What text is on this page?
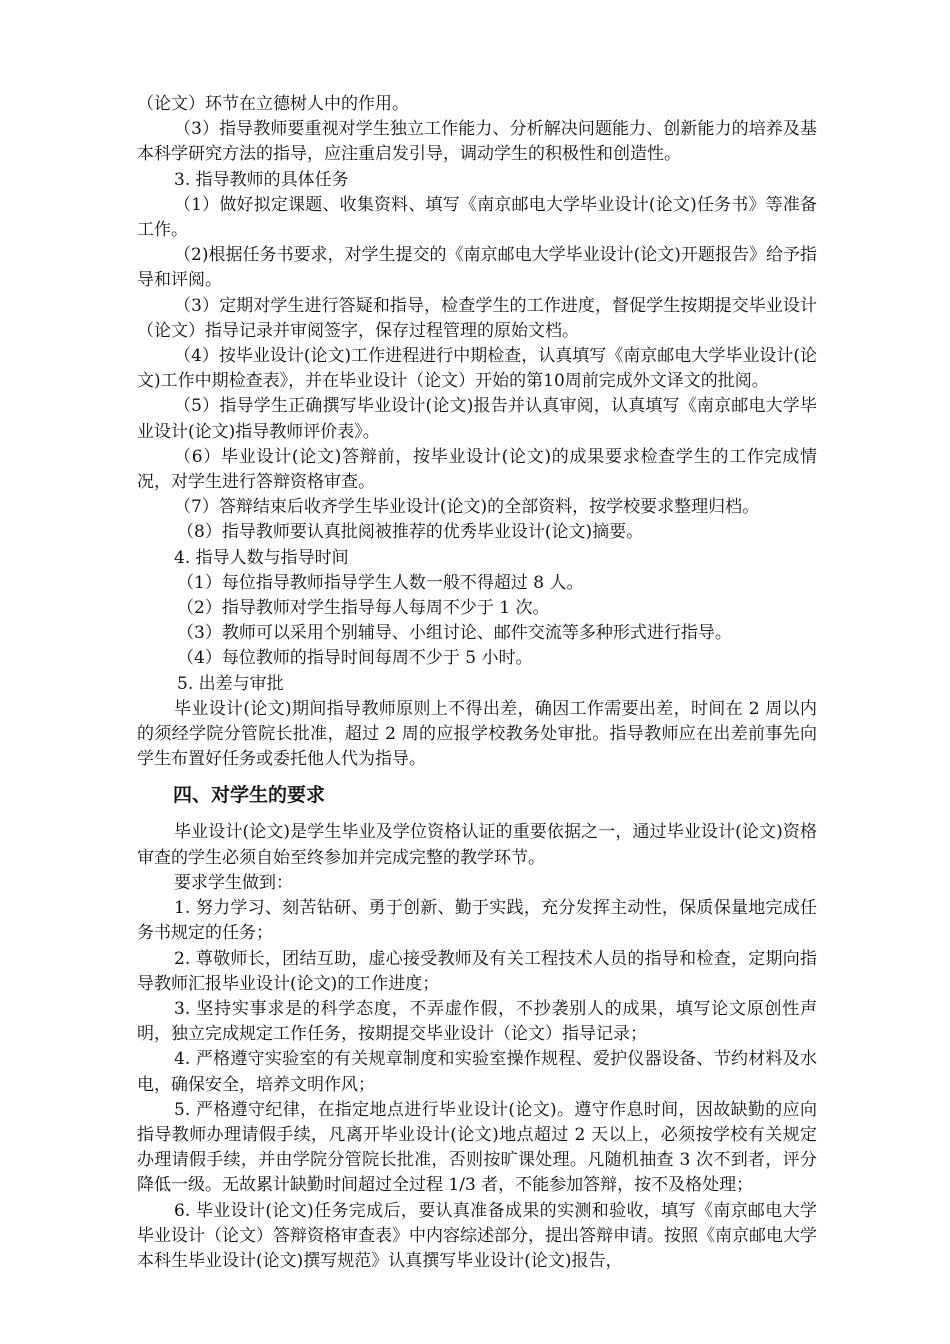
（论文）环节在立德树人中的作用。

（3）指导教师要重视对学生独立工作能力、分析解决问题能力、创新能力的培养及基本科学研究方法的指导，应注重启发引导，调动学生的积极性和创造性。

3. 指导教师的具体任务

（1）做好拟定课题、收集资料、填写《南京邮电大学毕业设计(论文)任务书》等准备工作。

（2)根据任务书要求，对学生提交的《南京邮电大学毕业设计(论文)开题报告》给予指导和评阅。

（3）定期对学生进行答疑和指导，检查学生的工作进度，督促学生按期提交毕业设计（论文）指导记录并审阅签字，保存过程管理的原始文档。

（4）按毕业设计(论文)工作进程进行中期检查，认真填写《南京邮电大学毕业设计(论文)工作中期检查表》，并在毕业设计（论文）开始的第10周前完成外文译文的批阅。

（5）指导学生正确撰写毕业设计(论文)报告并认真审阅，认真填写《南京邮电大学毕业设计(论文)指导教师评价表》。

（6）毕业设计(论文)答辩前，按毕业设计(论文)的成果要求检查学生的工作完成情况，对学生进行答辩资格审查。

（7）答辩结束后收齐学生毕业设计(论文)的全部资料，按学校要求整理归档。

（8）指导教师要认真批阅被推荐的优秀毕业设计(论文)摘要。

4. 指导人数与指导时间

（1）每位指导教师指导学生人数一般不得超过 8 人。

（2）指导教师对学生指导每人每周不少于 1 次。

（3）教师可以采用个别辅导、小组讨论、邮件交流等多种形式进行指导。

（4）每位教师的指导时间每周不少于 5 小时。

5. 出差与审批

毕业设计(论文)期间指导教师原则上不得出差，确因工作需要出差，时间在 2 周以内的须经学院分管院长批准，超过 2 周的应报学校教务处审批。指导教师应在出差前事先向学生布置好任务或委托他人代为指导。

四、对学生的要求

毕业设计(论文)是学生毕业及学位资格认证的重要依据之一，通过毕业设计(论文)资格审查的学生必须自始至终参加并完成完整的教学环节。

要求学生做到：

1. 努力学习、刻苦钻研、勇于创新、勤于实践，充分发挥主动性，保质保量地完成任务书规定的任务；

2. 尊敬师长，团结互助，虚心接受教师及有关工程技术人员的指导和检查，定期向指导教师汇报毕业设计(论文)的工作进度；

3. 坚持实事求是的科学态度，不弄虚作假，不抄袭别人的成果，填写论文原创性声明，独立完成规定工作任务，按期提交毕业设计（论文）指导记录；

4. 严格遵守实验室的有关规章制度和实验室操作规程、爱护仪器设备、节约材料及水电，确保安全，培养文明作风；

5. 严格遵守纪律，在指定地点进行毕业设计(论文)。遵守作息时间，因故缺勤的应向指导教师办理请假手续，凡离开毕业设计(论文)地点超过 2 天以上，必须按学校有关规定办理请假手续，并由学院分管院长批准，否则按旷课处理。凡随机抽查 3 次不到者，评分降低一级。无故累计缺勤时间超过全过程 1/3 者，不能参加答辩，按不及格处理；

6. 毕业设计(论文)任务完成后，要认真准备成果的实测和验收，填写《南京邮电大学毕业设计（论文）答辩资格审查表》中内容综述部分，提出答辩申请。按照《南京邮电大学本科生毕业设计(论文)撰写规范》认真撰写毕业设计(论文)报告，
